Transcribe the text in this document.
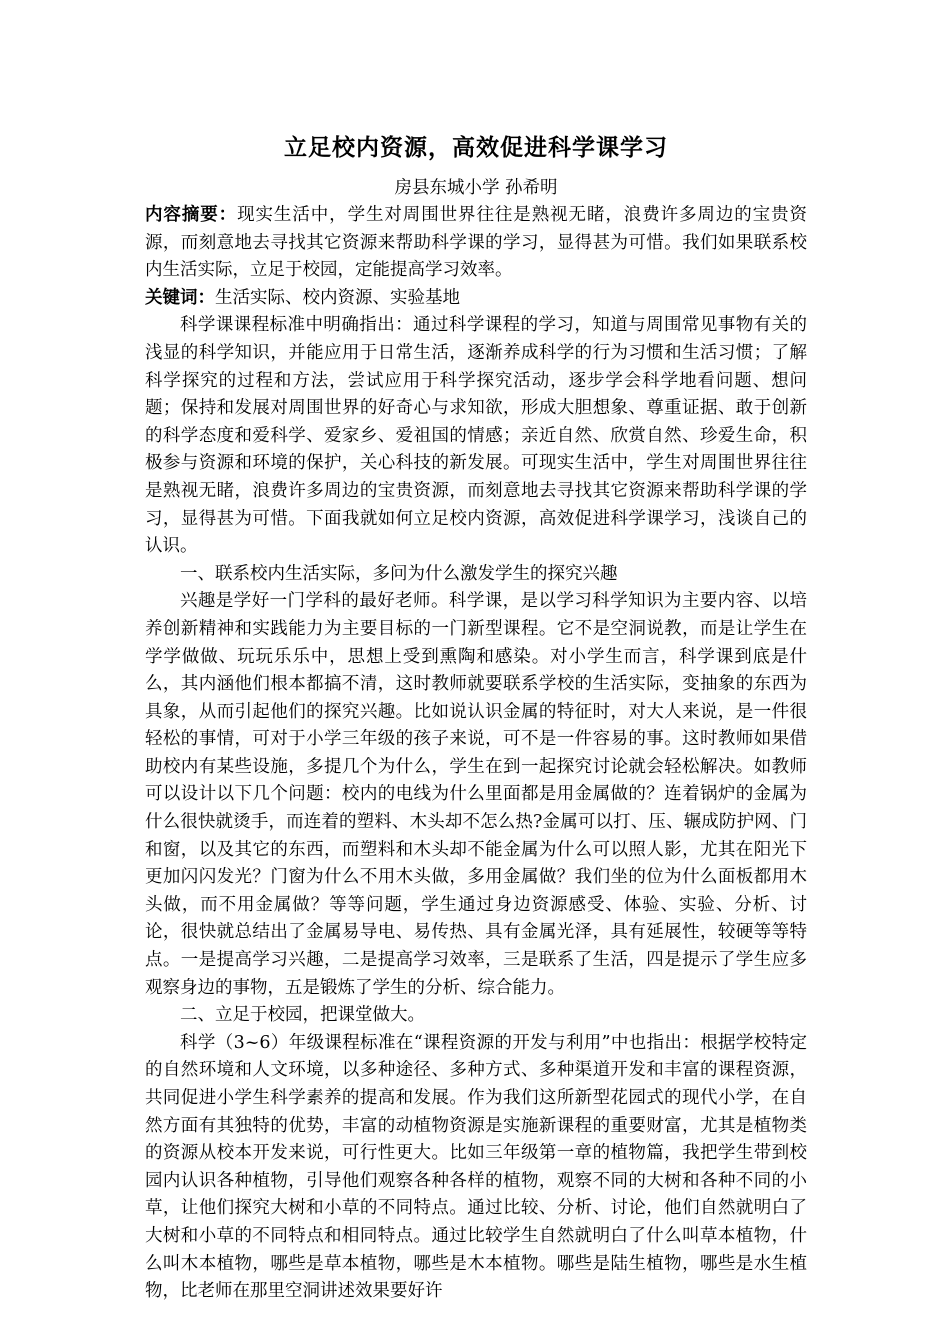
立足校内资源，高效促进科学课学习
房县东城小学 孙希明
内容摘要：现实生活中，学生对周围世界往往是熟视无睹，浪费许多周边的宝贵资源，而刻意地去寻找其它资源来帮助科学课的学习，显得甚为可惜。我们如果联系校内生活实际，立足于校园，定能提高学习效率。
关键词：生活实际、校内资源、实验基地
科学课课程标准中明确指出：通过科学课程的学习，知道与周围常见事物有关的浅显的科学知识，并能应用于日常生活，逐渐养成科学的行为习惯和生活习惯；了解科学探究的过程和方法，尝试应用于科学探究活动，逐步学会科学地看问题、想问题；保持和发展对周围世界的好奇心与求知欲，形成大胆想象、尊重证据、敢于创新的科学态度和爱科学、爱家乡、爱祖国的情感；亲近自然、欣赏自然、珍爱生命，积极参与资源和环境的保护，关心科技的新发展。可现实生活中，学生对周围世界往往是熟视无睹，浪费许多周边的宝贵资源，而刻意地去寻找其它资源来帮助科学课的学习，显得甚为可惜。下面我就如何立足校内资源，高效促进科学课学习，浅谈自己的认识。
一、联系校内生活实际，多问为什么激发学生的探究兴趣
兴趣是学好一门学科的最好老师。科学课，是以学习科学知识为主要内容、以培养创新精神和实践能力为主要目标的一门新型课程。它不是空洞说教，而是让学生在学学做做、玩玩乐乐中，思想上受到熏陶和感染。对小学生而言，科学课到底是什么，其内涵他们根本都搞不清，这时教师就要联系学校的生活实际，变抽象的东西为具象，从而引起他们的探究兴趣。比如说认识金属的特征时，对大人来说，是一件很轻松的事情，可对于小学三年级的孩子来说，可不是一件容易的事。这时教师如果借助校内有某些设施，多提几个为什么，学生在到一起探究讨论就会轻松解决。如教师可以设计以下几个问题：校内的电线为什么里面都是用金属做的？连着锅炉的金属为什么很快就烫手，而连着的塑料、木头却不怎么热?金属可以打、压、辗成防护网、门和窗，以及其它的东西，而塑料和木头却不能金属为什么可以照人影，尤其在阳光下更加闪闪发光？门窗为什么不用木头做，多用金属做？我们坐的位为什么面板都用木头做，而不用金属做？等等问题，学生通过身边资源感受、体验、实验、分析、讨论，很快就总结出了金属易导电、易传热、具有金属光泽，具有延展性，较硬等等特点。一是提高学习兴趣，二是提高学习效率，三是联系了生活，四是提示了学生应多观察身边的事物，五是锻炼了学生的分析、综合能力。
二、立足于校园，把课堂做大。
科学（3~6）年级课程标准在“课程资源的开发与利用”中也指出：根据学校特定的自然环境和人文环境，以多种途径、多种方式、多种渠道开发和丰富的课程资源，共同促进小学生科学素养的提高和发展。作为我们这所新型花园式的现代小学，在自然方面有其独特的优势，丰富的动植物资源是实施新课程的重要财富，尤其是植物类的资源从校本开发来说，可行性更大。比如三年级第一章的植物篇，我把学生带到校园内认识各种植物，引导他们观察各种各样的植物，观察不同的大树和各种不同的小草，让他们探究大树和小草的不同特点。通过比较、分析、讨论，他们自然就明白了大树和小草的不同特点和相同特点。通过比较学生自然就明白了什么叫草本植物，什么叫木本植物，哪些是草本植物，哪些是木本植物。哪些是陆生植物，哪些是水生植物，比老师在那里空洞讲述效果要好许
